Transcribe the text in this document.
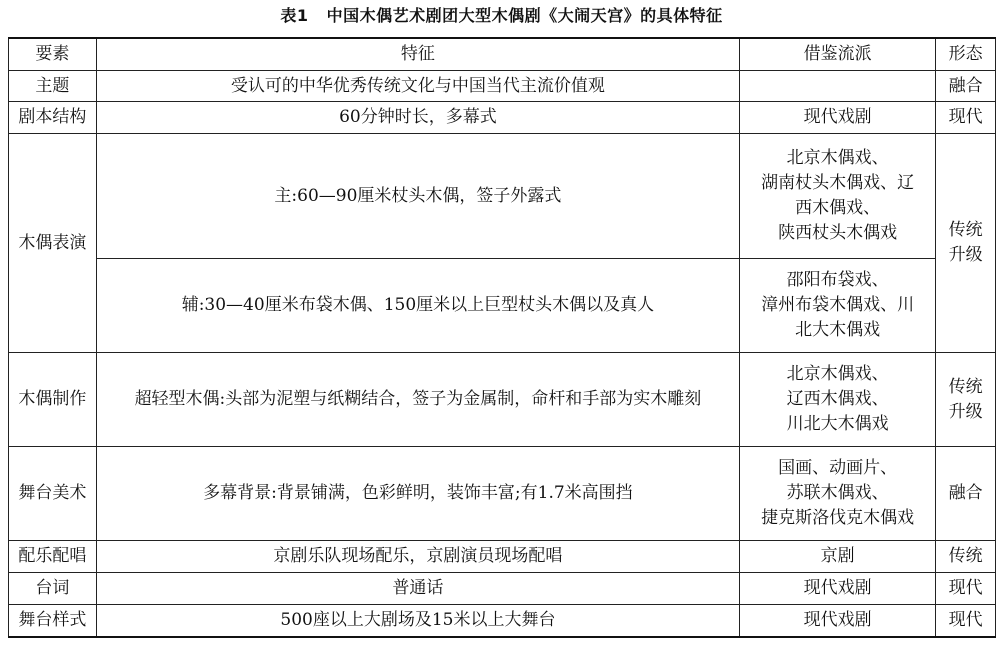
表1 中国木偶艺术剧团大型木偶剧《大闹天宫》的具体特征
要素	特征	借鉴流派	形态
主题	受认可的中华优秀传统文化与中国当代主流价值观		融合
剧本结构	60分钟时长，多幕式	现代戏剧	现代
木偶表演	主:60—90厘米杖头木偶，签子外露式	北京木偶戏、
湖南杖头木偶戏、辽
西木偶戏、
陕西杖头木偶戏	传统
升级

	辅:30—40厘米布袋木偶、150厘米以上巨型杖头木偶以及真人	邵阳布袋戏、
漳州布袋木偶戏、川
北大木偶戏	

木偶制作	超轻型木偶:头部为泥塑与纸糊结合，签子为金属制，命杆和手部为实木雕刻	北京木偶戏、
辽西木偶戏、
川北大木偶戏	传统
升级

舞台美术	多幕背景:背景铺满，色彩鲜明，装饰丰富;有1.7米高围挡	国画、动画片、
苏联木偶戏、
捷克斯洛伐克木偶戏	融合
配乐配唱	京剧乐队现场配乐，京剧演员现场配唱	京剧	传统
台词	普通话	现代戏剧	现代
舞台样式	500座以上大剧场及15米以上大舞台	现代戏剧	现代
